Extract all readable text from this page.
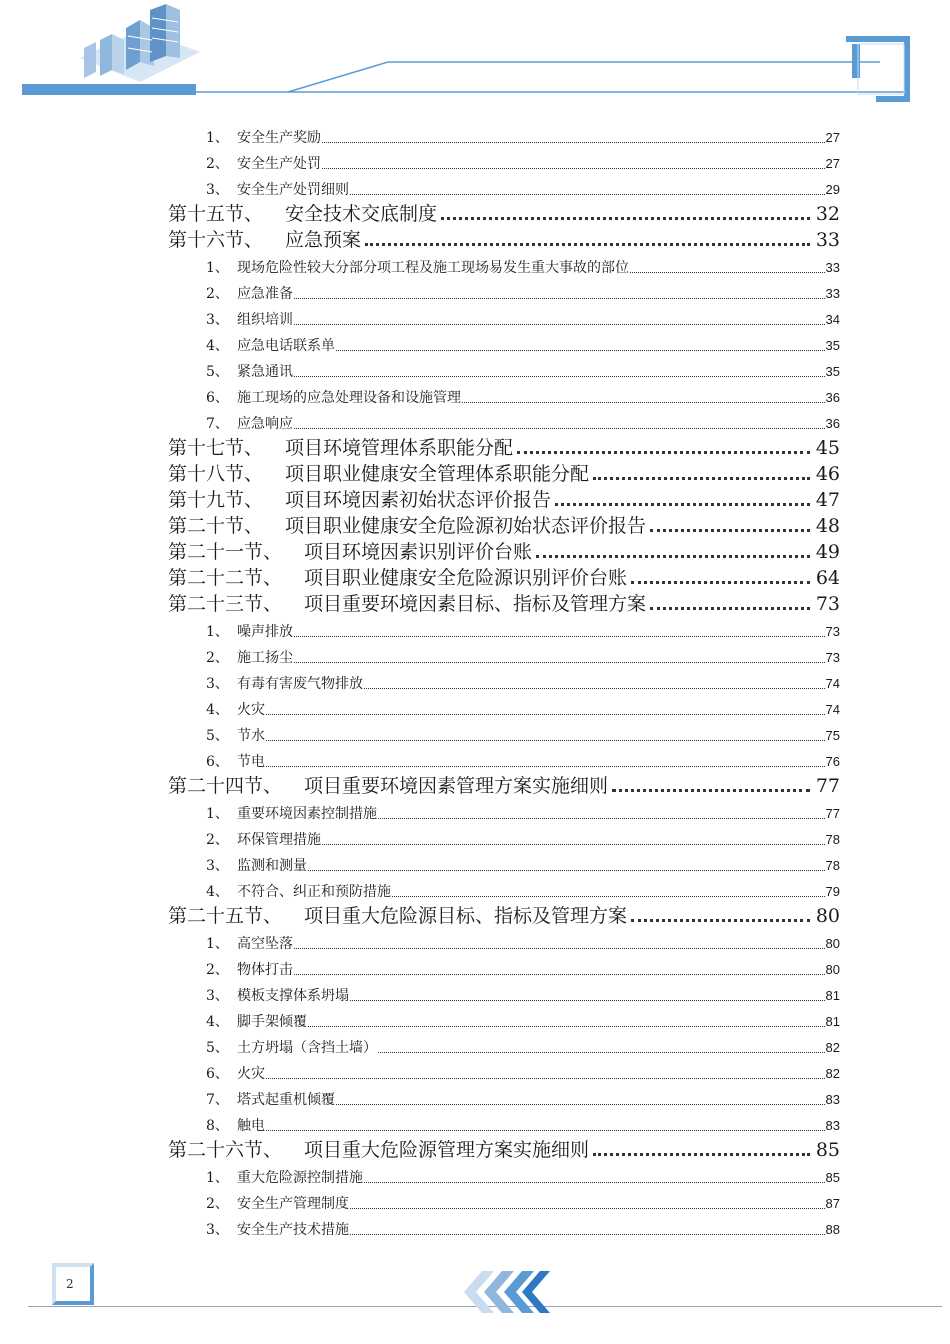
1、 安全生产奖励	27
2、 安全生产处罚	27
3、 安全生产处罚细则	29
第十五节、 安全技术交底制度	32
第十六节、 应急预案	33
1、 现场危险性较大分部分项工程及施工现场易发生重大事故的部位	33
2、 应急准备	33
3、 组织培训	34
4、 应急电话联系单	35
5、 紧急通讯	35
6、 施工现场的应急处理设备和设施管理	36
7、 应急响应	36
第十七节、 项目环境管理体系职能分配	45
第十八节、 项目职业健康安全管理体系职能分配	46
第十九节、 项目环境因素初始状态评价报告	47
第二十节、 项目职业健康安全危险源初始状态评价报告	48
第二十一节、 项目环境因素识别评价台账	49
第二十二节、 项目职业健康安全危险源识别评价台账	64
第二十三节、 项目重要环境因素目标、指标及管理方案	73
1、 噪声排放	73
2、 施工扬尘	73
3、 有毒有害废气物排放	74
4、 火灾	74
5、 节水	75
6、 节电	76
第二十四节、 项目重要环境因素管理方案实施细则	77
1、 重要环境因素控制措施	77
2、 环保管理措施	78
3、 监测和测量	78
4、 不符合、纠正和预防措施	79
第二十五节、 项目重大危险源目标、指标及管理方案	80
1、 高空坠落	80
2、 物体打击	80
3、 模板支撑体系坍塌	81
4、 脚手架倾覆	81
5、 土方坍塌（含挡土墙）	82
6、 火灾	82
7、 塔式起重机倾覆	83
8、 触电	83
第二十六节、 项目重大危险源管理方案实施细则	85
1、 重大危险源控制措施	85
2、 安全生产管理制度	87
3、 安全生产技术措施	88
2
